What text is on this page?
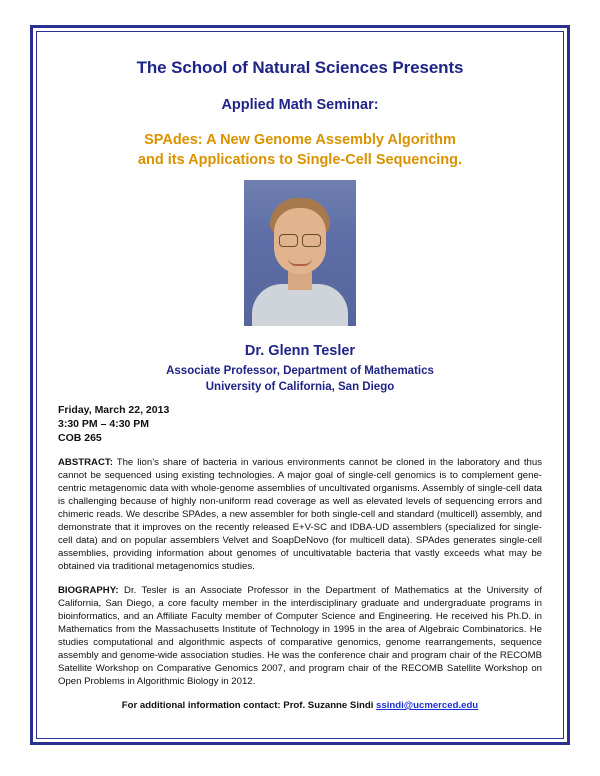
The School of Natural Sciences Presents
Applied Math Seminar:
SPAdes: A New Genome Assembly Algorithm
and its Applications to Single-Cell Sequencing.
Dr. Glenn Tesler
Associate Professor, Department of Mathematics
University of California, San Diego
Friday, March 22, 2013
3:30 PM – 4:30 PM
COB 265
ABSTRACT: The lion’s share of bacteria in various environments cannot be cloned in the laboratory and thus cannot be sequenced using existing technologies. A major goal of single-cell genomics is to complement gene-centric metagenomic data with whole-genome assemblies of uncultivated organisms. Assembly of single-cell data is challenging because of highly non-uniform read coverage as well as elevated levels of sequencing errors and chimeric reads. We describe SPAdes, a new assembler for both single-cell and standard (multicell) assembly, and demonstrate that it improves on the recently released E+V-SC and IDBA-UD assemblers (specialized for single-cell data) and on popular assemblers Velvet and SoapDeNovo (for multicell data). SPAdes generates single-cell assemblies, providing information about genomes of uncultivatable bacteria that vastly exceeds what may be obtained via traditional metagenomics studies.
BIOGRAPHY: Dr. Tesler is an Associate Professor in the Department of Mathematics at the University of California, San Diego, a core faculty member in the interdisciplinary graduate and undergraduate programs in bioinformatics, and an Affiliate Faculty member of Computer Science and Engineering. He received his Ph.D. in Mathematics from the Massachusetts Institute of Technology in 1995 in the area of Algebraic Combinatorics. He studies computational and algorithmic aspects of comparative genomics, genome rearrangements, sequence assembly and genome-wide association studies. He was the conference chair and program chair of the RECOMB Satellite Workshop on Comparative Genomics 2007, and program chair of the RECOMB Satellite Workshop on Open Problems in Algorithmic Biology in 2012.
For additional information contact: Prof. Suzanne Sindi ssindi@ucmerced.edu
